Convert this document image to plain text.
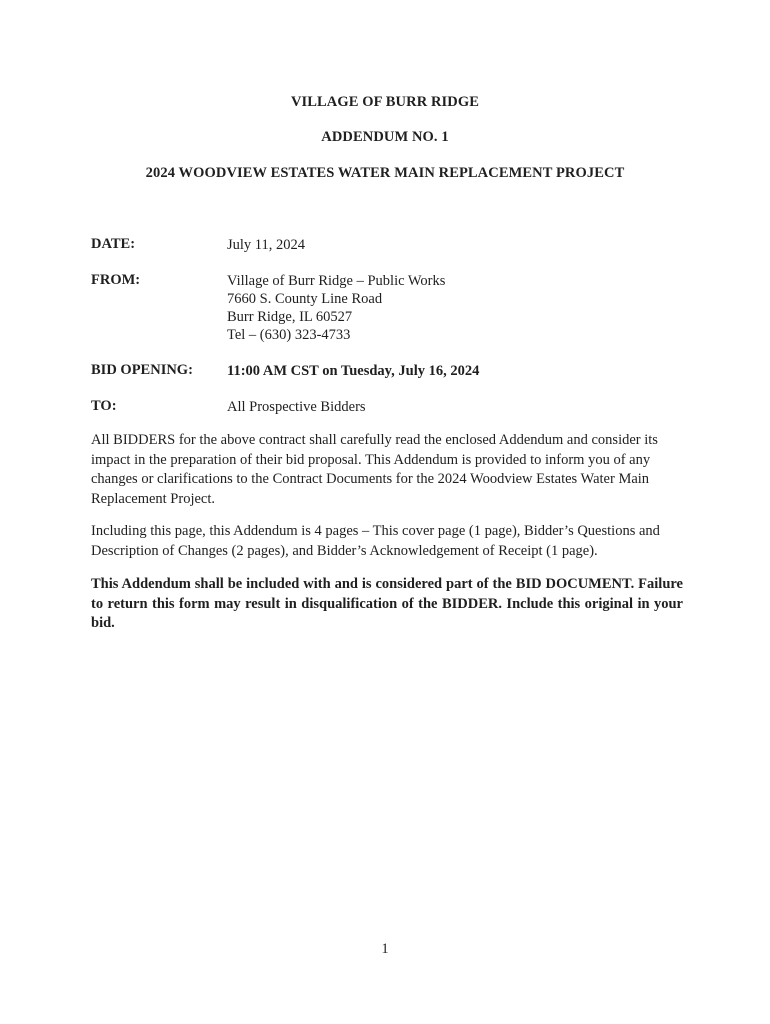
VILLAGE OF BURR RIDGE
ADDENDUM NO. 1
2024 WOODVIEW ESTATES WATER MAIN REPLACEMENT PROJECT
DATE:	July 11, 2024
FROM:	Village of Burr Ridge – Public Works
7660 S. County Line Road
Burr Ridge, IL 60527
Tel – (630) 323-4733
BID OPENING: 11:00 AM CST on Tuesday, July 16, 2024
TO:	All Prospective Bidders
All BIDDERS for the above contract shall carefully read the enclosed Addendum and consider its impact in the preparation of their bid proposal. This Addendum is provided to inform you of any changes or clarifications to the Contract Documents for the 2024 Woodview Estates Water Main Replacement Project.
Including this page, this Addendum is 4 pages – This cover page (1 page), Bidder’s Questions and Description of Changes (2 pages), and Bidder’s Acknowledgement of Receipt (1 page).
This Addendum shall be included with and is considered part of the BID DOCUMENT. Failure to return this form may result in disqualification of the BIDDER. Include this original in your bid.
1
